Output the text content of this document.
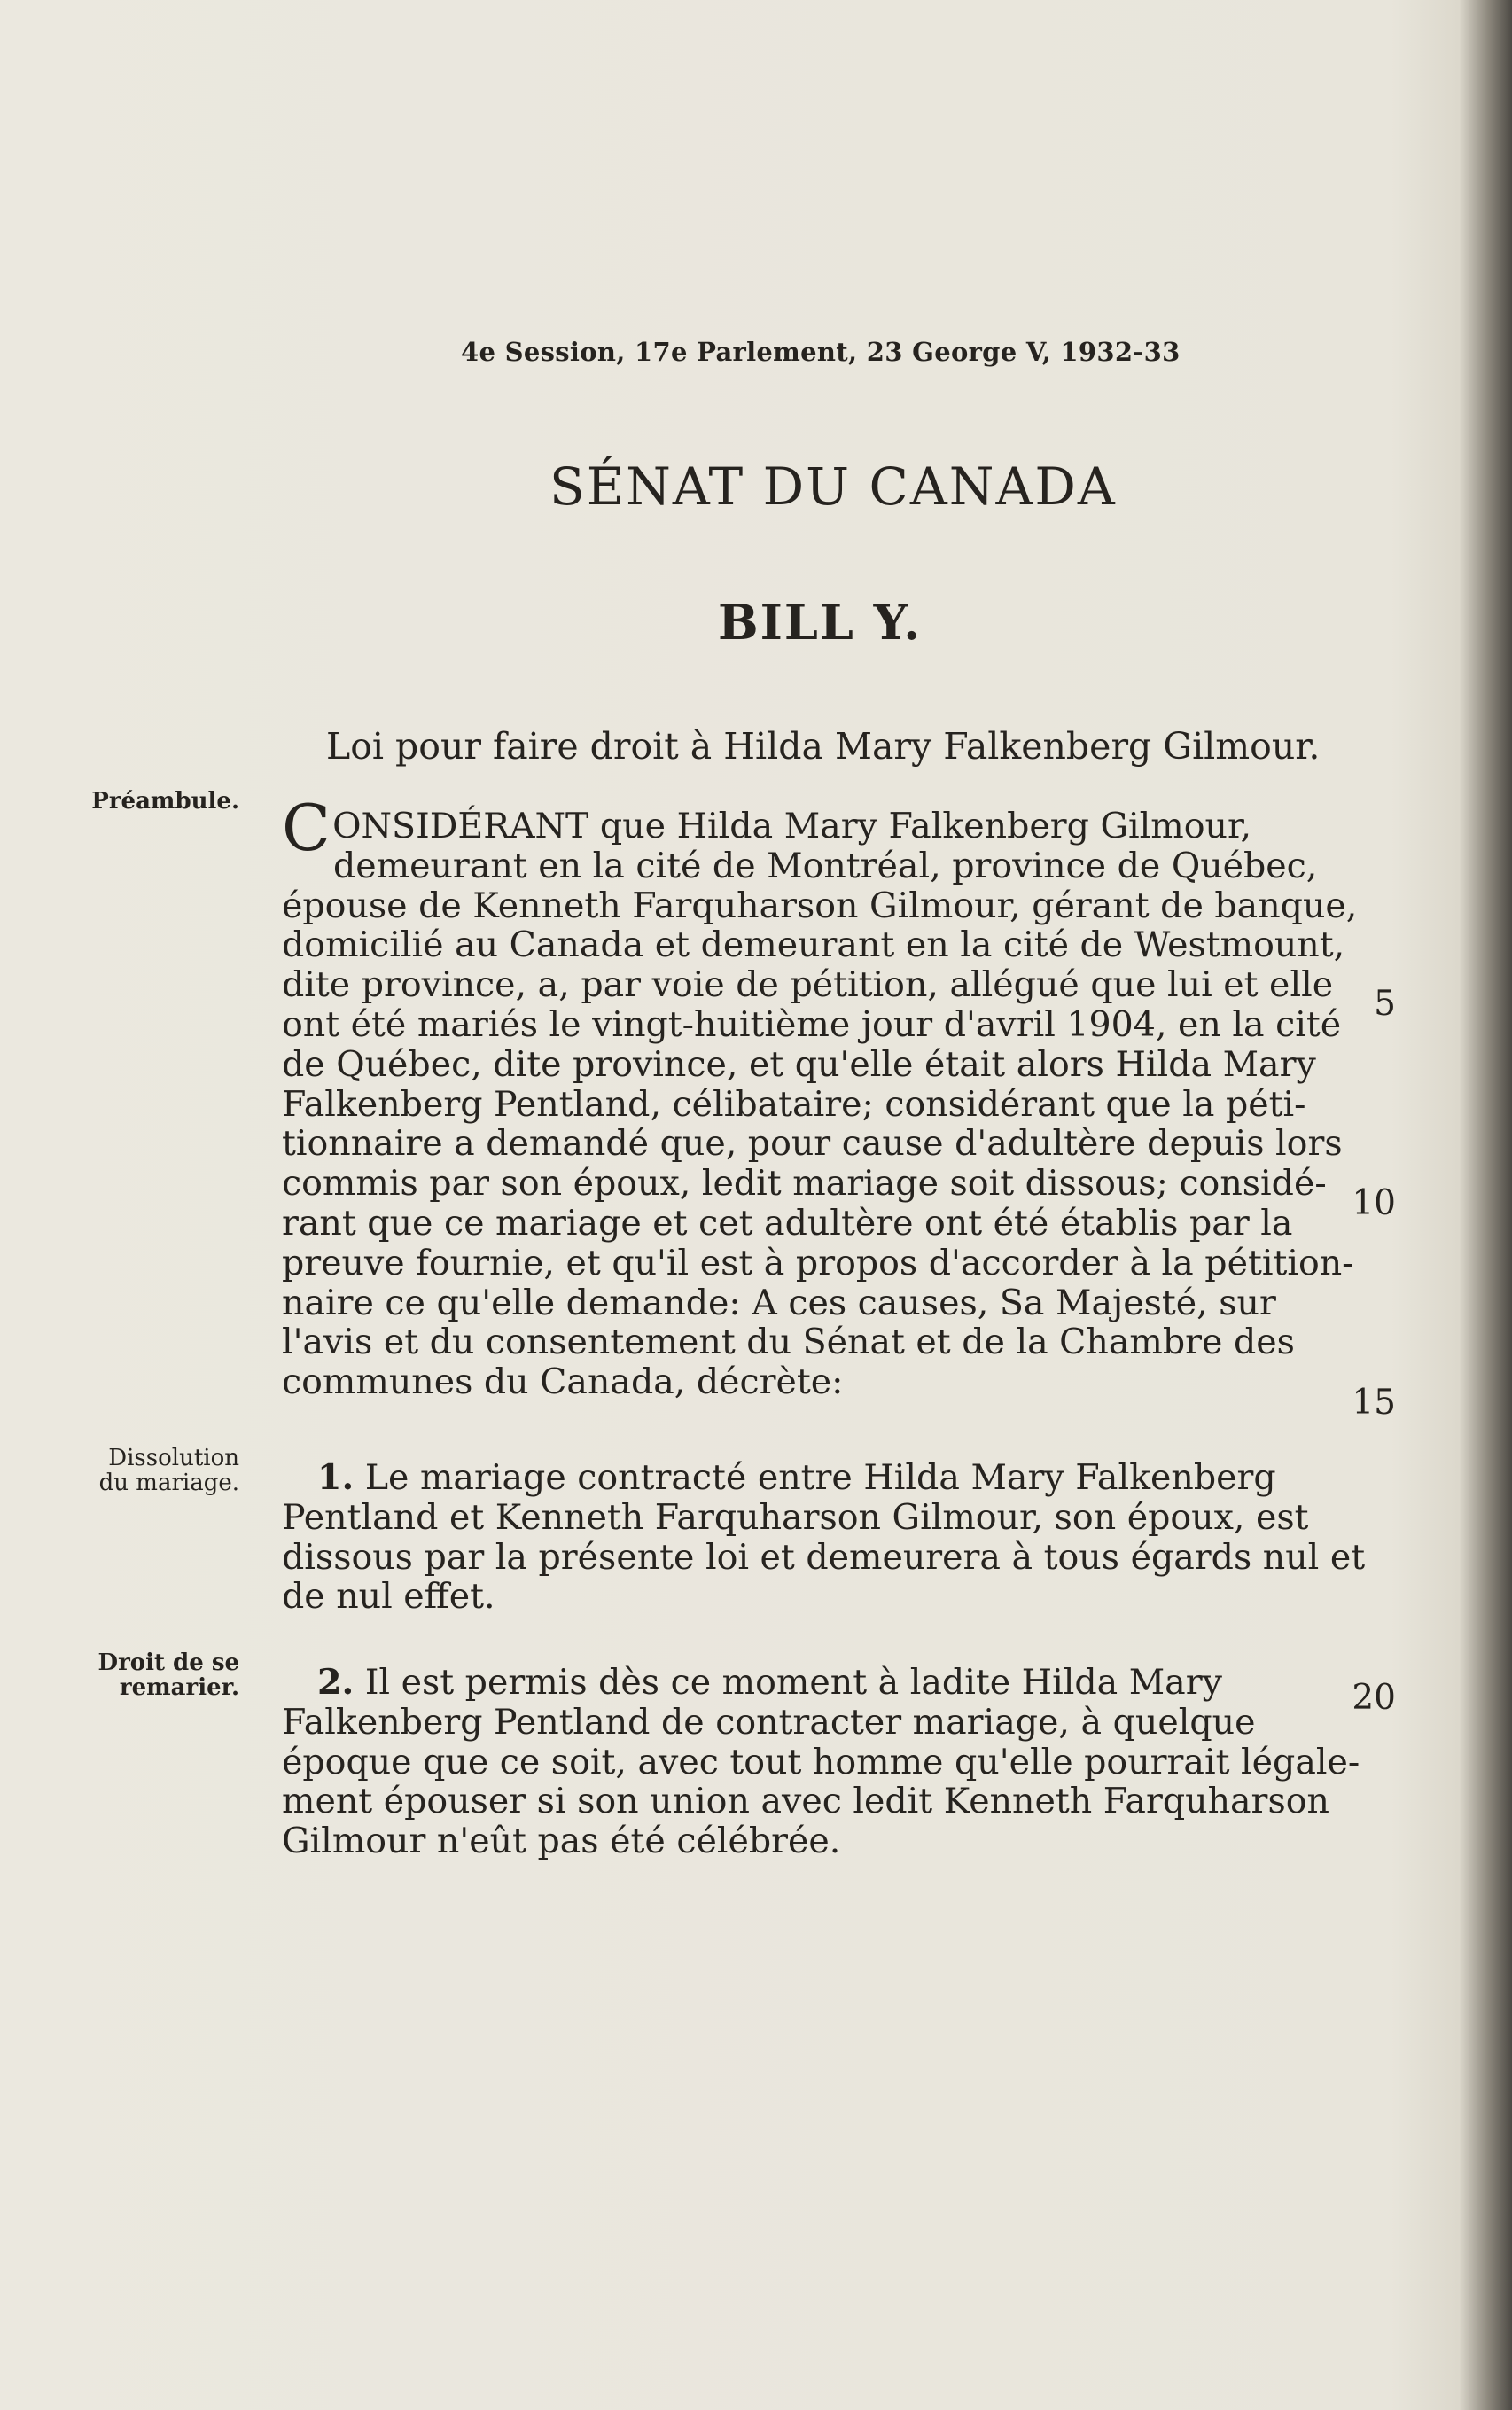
4e Session, 17e Parlement, 23 George V, 1932-33
SÉNAT DU CANADA
BILL Y.
Loi pour faire droit à Hilda Mary Falkenberg Gilmour.
Préambule.
Dissolution
du mariage.
Droit de se
remarier.
CONSIDÉRANT que Hilda Mary Falkenberg Gilmour,
demeurant en la cité de Montréal, province de Québec,
épouse de Kenneth Farquharson Gilmour, gérant de banque,
domicilié au Canada et demeurant en la cité de Westmount,
dite province, a, par voie de pétition, allégué que lui et elle
ont été mariés le vingt-huitième jour d'avril 1904, en la cité
de Québec, dite province, et qu'elle était alors Hilda Mary
Falkenberg Pentland, célibataire; considérant que la péti-
tionnaire a demandé que, pour cause d'adultère depuis lors
commis par son époux, ledit mariage soit dissous; considé-
rant que ce mariage et cet adultère ont été établis par la
preuve fournie, et qu'il est à propos d'accorder à la pétition-
naire ce qu'elle demande: A ces causes, Sa Majesté, sur
l'avis et du consentement du Sénat et de la Chambre des
communes du Canada, décrète:
1. Le mariage contracté entre Hilda Mary Falkenberg
Pentland et Kenneth Farquharson Gilmour, son époux, est
dissous par la présente loi et demeurera à tous égards nul et
de nul effet.
2. Il est permis dès ce moment à ladite Hilda Mary
Falkenberg Pentland de contracter mariage, à quelque
époque que ce soit, avec tout homme qu'elle pourrait légale-
ment épouser si son union avec ledit Kenneth Farquharson
Gilmour n'eût pas été célébrée.
5
10
15
20
